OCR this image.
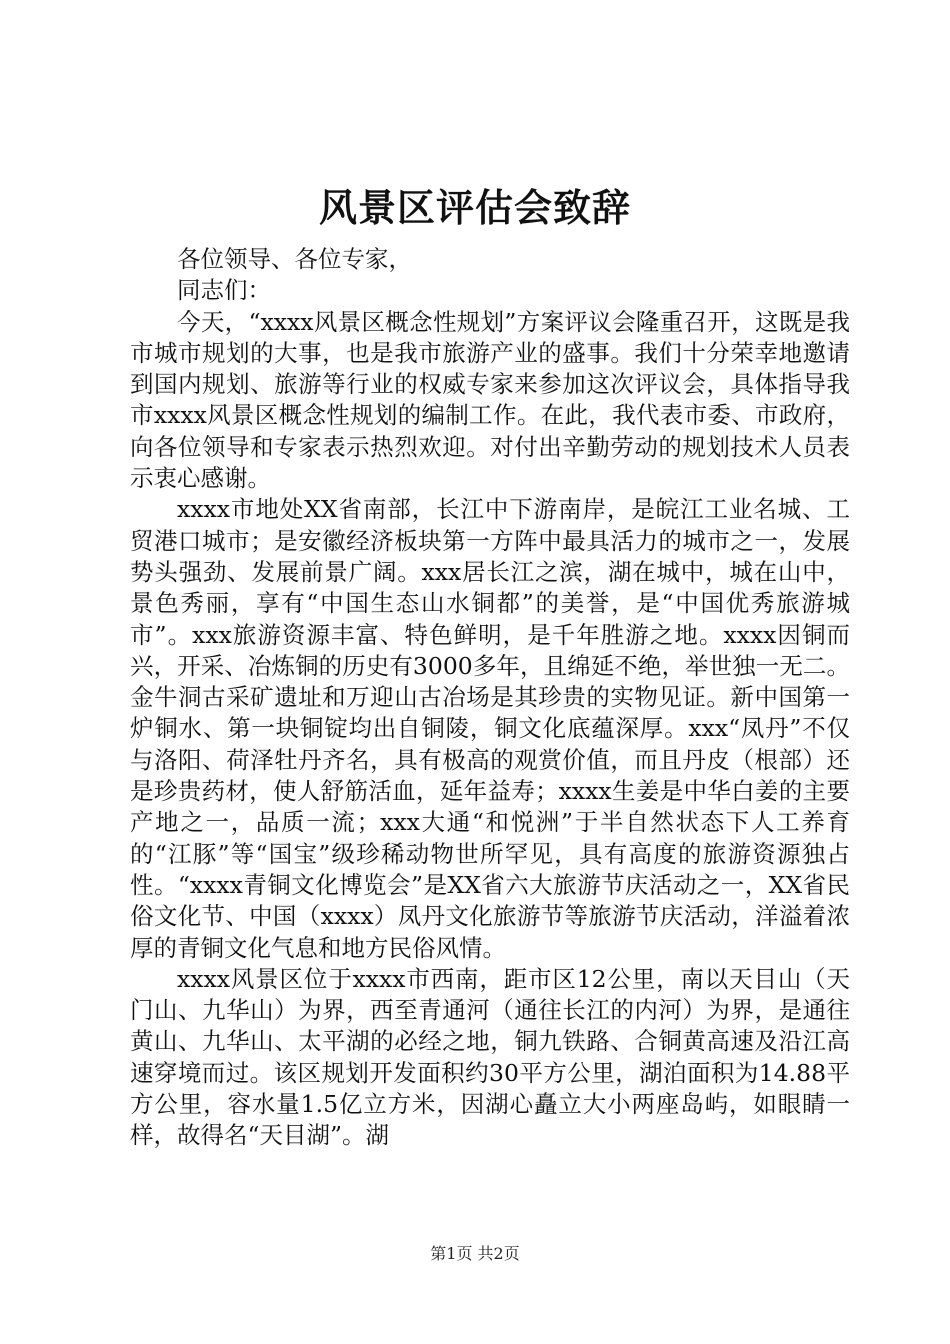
风景区评估会致辞

各位领导、各位专家，

同志们：

今天，“xxxx风景区概念性规划”方案评议会隆重召开，这既是我市城市规划的大事，也是我市旅游产业的盛事。我们十分荣幸地邀请到国内规划、旅游等行业的权威专家来参加这次评议会，具体指导我市xxxx风景区概念性规划的编制工作。在此，我代表市委、市政府，向各位领导和专家表示热烈欢迎。对付出辛勤劳动的规划技术人员表示衷心感谢。

xxxx市地处XX省南部，长江中下游南岸，是皖江工业名城、工贸港口城市；是安徽经济板块第一方阵中最具活力的城市之一，发展势头强劲、发展前景广阔。xxx居长江之滨，湖在城中，城在山中，景色秀丽，享有“中国生态山水铜都”的美誉，是“中国优秀旅游城市”。xxx旅游资源丰富、特色鲜明，是千年胜游之地。xxxx因铜而兴，开采、冶炼铜的历史有3000多年，且绵延不绝，举世独一无二。金牛洞古采矿遗址和万迎山古冶场是其珍贵的实物见证。新中国第一炉铜水、第一块铜锭均出自铜陵，铜文化底蕴深厚。xxx“凤丹”不仅与洛阳、荷泽牡丹齐名，具有极高的观赏价值，而且丹皮（根部）还是珍贵药材，使人舒筋活血，延年益寿；xxxx生姜是中华白姜的主要产地之一，品质一流；xxx大通“和悦洲”于半自然状态下人工养育的“江豚”等“国宝”级珍稀动物世所罕见，具有高度的旅游资源独占性。“xxxx青铜文化博览会”是XX省六大旅游节庆活动之一，XX省民俗文化节、中国（xxxx）凤丹文化旅游节等旅游节庆活动，洋溢着浓厚的青铜文化气息和地方民俗风情。

xxxx风景区位于xxxx市西南，距市区12公里，南以天目山（天门山、九华山）为界，西至青通河（通往长江的内河）为界，是通往黄山、九华山、太平湖的必经之地，铜九铁路、合铜黄高速及沿江高速穿境而过。该区规划开发面积约30平方公里，湖泊面积为14.88平方公里，容水量1.5亿立方米，因湖心矗立大小两座岛屿，如眼睛一样，故得名“天目湖”。湖

第1页 共2页
